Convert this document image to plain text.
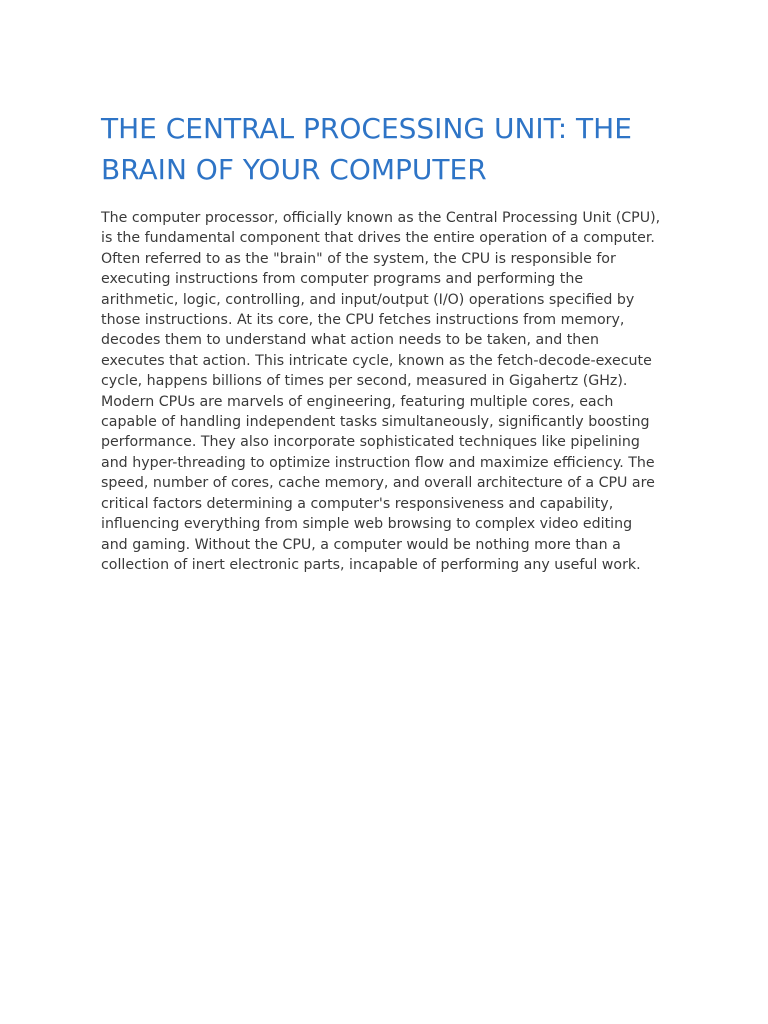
THE CENTRAL PROCESSING UNIT: THE
BRAIN OF YOUR COMPUTER

The computer processor, officially known as the Central Processing Unit (CPU),
is the fundamental component that drives the entire operation of a computer.
Often referred to as the "brain" of the system, the CPU is responsible for
executing instructions from computer programs and performing the
arithmetic, logic, controlling, and input/output (I/O) operations specified by
those instructions. At its core, the CPU fetches instructions from memory,
decodes them to understand what action needs to be taken, and then
executes that action. This intricate cycle, known as the fetch-decode-execute
cycle, happens billions of times per second, measured in Gigahertz (GHz).
Modern CPUs are marvels of engineering, featuring multiple cores, each
capable of handling independent tasks simultaneously, significantly boosting
performance. They also incorporate sophisticated techniques like pipelining
and hyper-threading to optimize instruction flow and maximize efficiency. The
speed, number of cores, cache memory, and overall architecture of a CPU are
critical factors determining a computer's responsiveness and capability,
influencing everything from simple web browsing to complex video editing
and gaming. Without the CPU, a computer would be nothing more than a
collection of inert electronic parts, incapable of performing any useful work.
